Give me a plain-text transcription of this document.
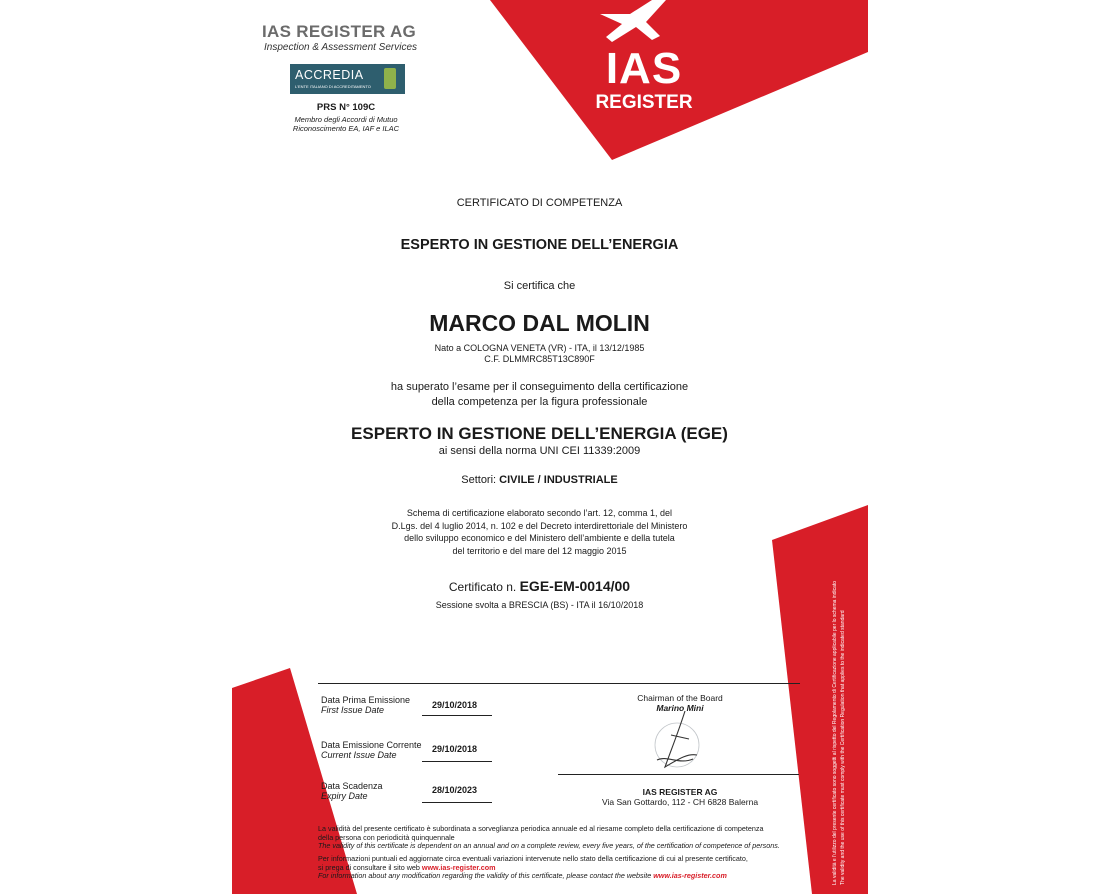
IAS
REGISTER
IAS REGISTER AG
Inspection & Assessment Services
ACCREDIA
L'ENTE ITALIANO DI ACCREDITAMENTO
PRS N° 109C
Membro degli Accordi di Mutuo
Riconoscimento EA, IAF e ILAC
CERTIFICATO DI COMPETENZA
ESPERTO IN GESTIONE DELL’ENERGIA
Si certifica che
MARCO DAL MOLIN
Nato a COLOGNA VENETA (VR) - ITA, il 13/12/1985
C.F. DLMMRC85T13C890F
ha superato l’esame per il conseguimento della certificazione
della competenza per la figura professionale
ESPERTO IN GESTIONE DELL’ENERGIA (EGE)
ai sensi della norma UNI CEI 11339:2009
Settori: CIVILE / INDUSTRIALE
Schema di certificazione elaborato secondo l’art. 12, comma 1, del
D.Lgs. del 4 luglio 2014, n. 102 e del Decreto interdirettoriale del Ministero
dello sviluppo economico e del Ministero dell’ambiente e della tutela
del territorio e del mare del 12 maggio 2015
Certificato n. EGE-EM-0014/00
Sessione svolta a BRESCIA (BS) - ITA il 16/10/2018
Data Prima Emissione
First Issue Date	29/10/2018
Data Emissione Corrente
Current Issue Date
29/10/2018
Data Scadenza
Expiry Date
28/10/2023
Chairman of the Board
Marino Mini
IAS REGISTER AG
Via San Gottardo, 112 - CH 6828 Balerna
La validità del presente certificato è subordinata a sorveglianza periodica annuale ed al riesame completo della certificazione di competenza
della persona con periodicità quinquennale
The validity of this certificate is dependent on an annual and on a complete review, every five years, of the certification of competence of persons.
Per informazioni puntuali ed aggiornate circa eventuali variazioni intervenute nello stato della certificazione di cui al presente certificato,
si prega di consultare il sito web www.ias-register.com
For information about any modification regarding the validity of this certificate, please contact the website www.ias-register.com	La validità e l’utilizzo del presente certificato sono soggetti al rispetto del Regolamento di Certificazione applicabile per lo schema indicato The validity and the use of this certificate must comply with the Certification Regulation that applies to the indicated standard
